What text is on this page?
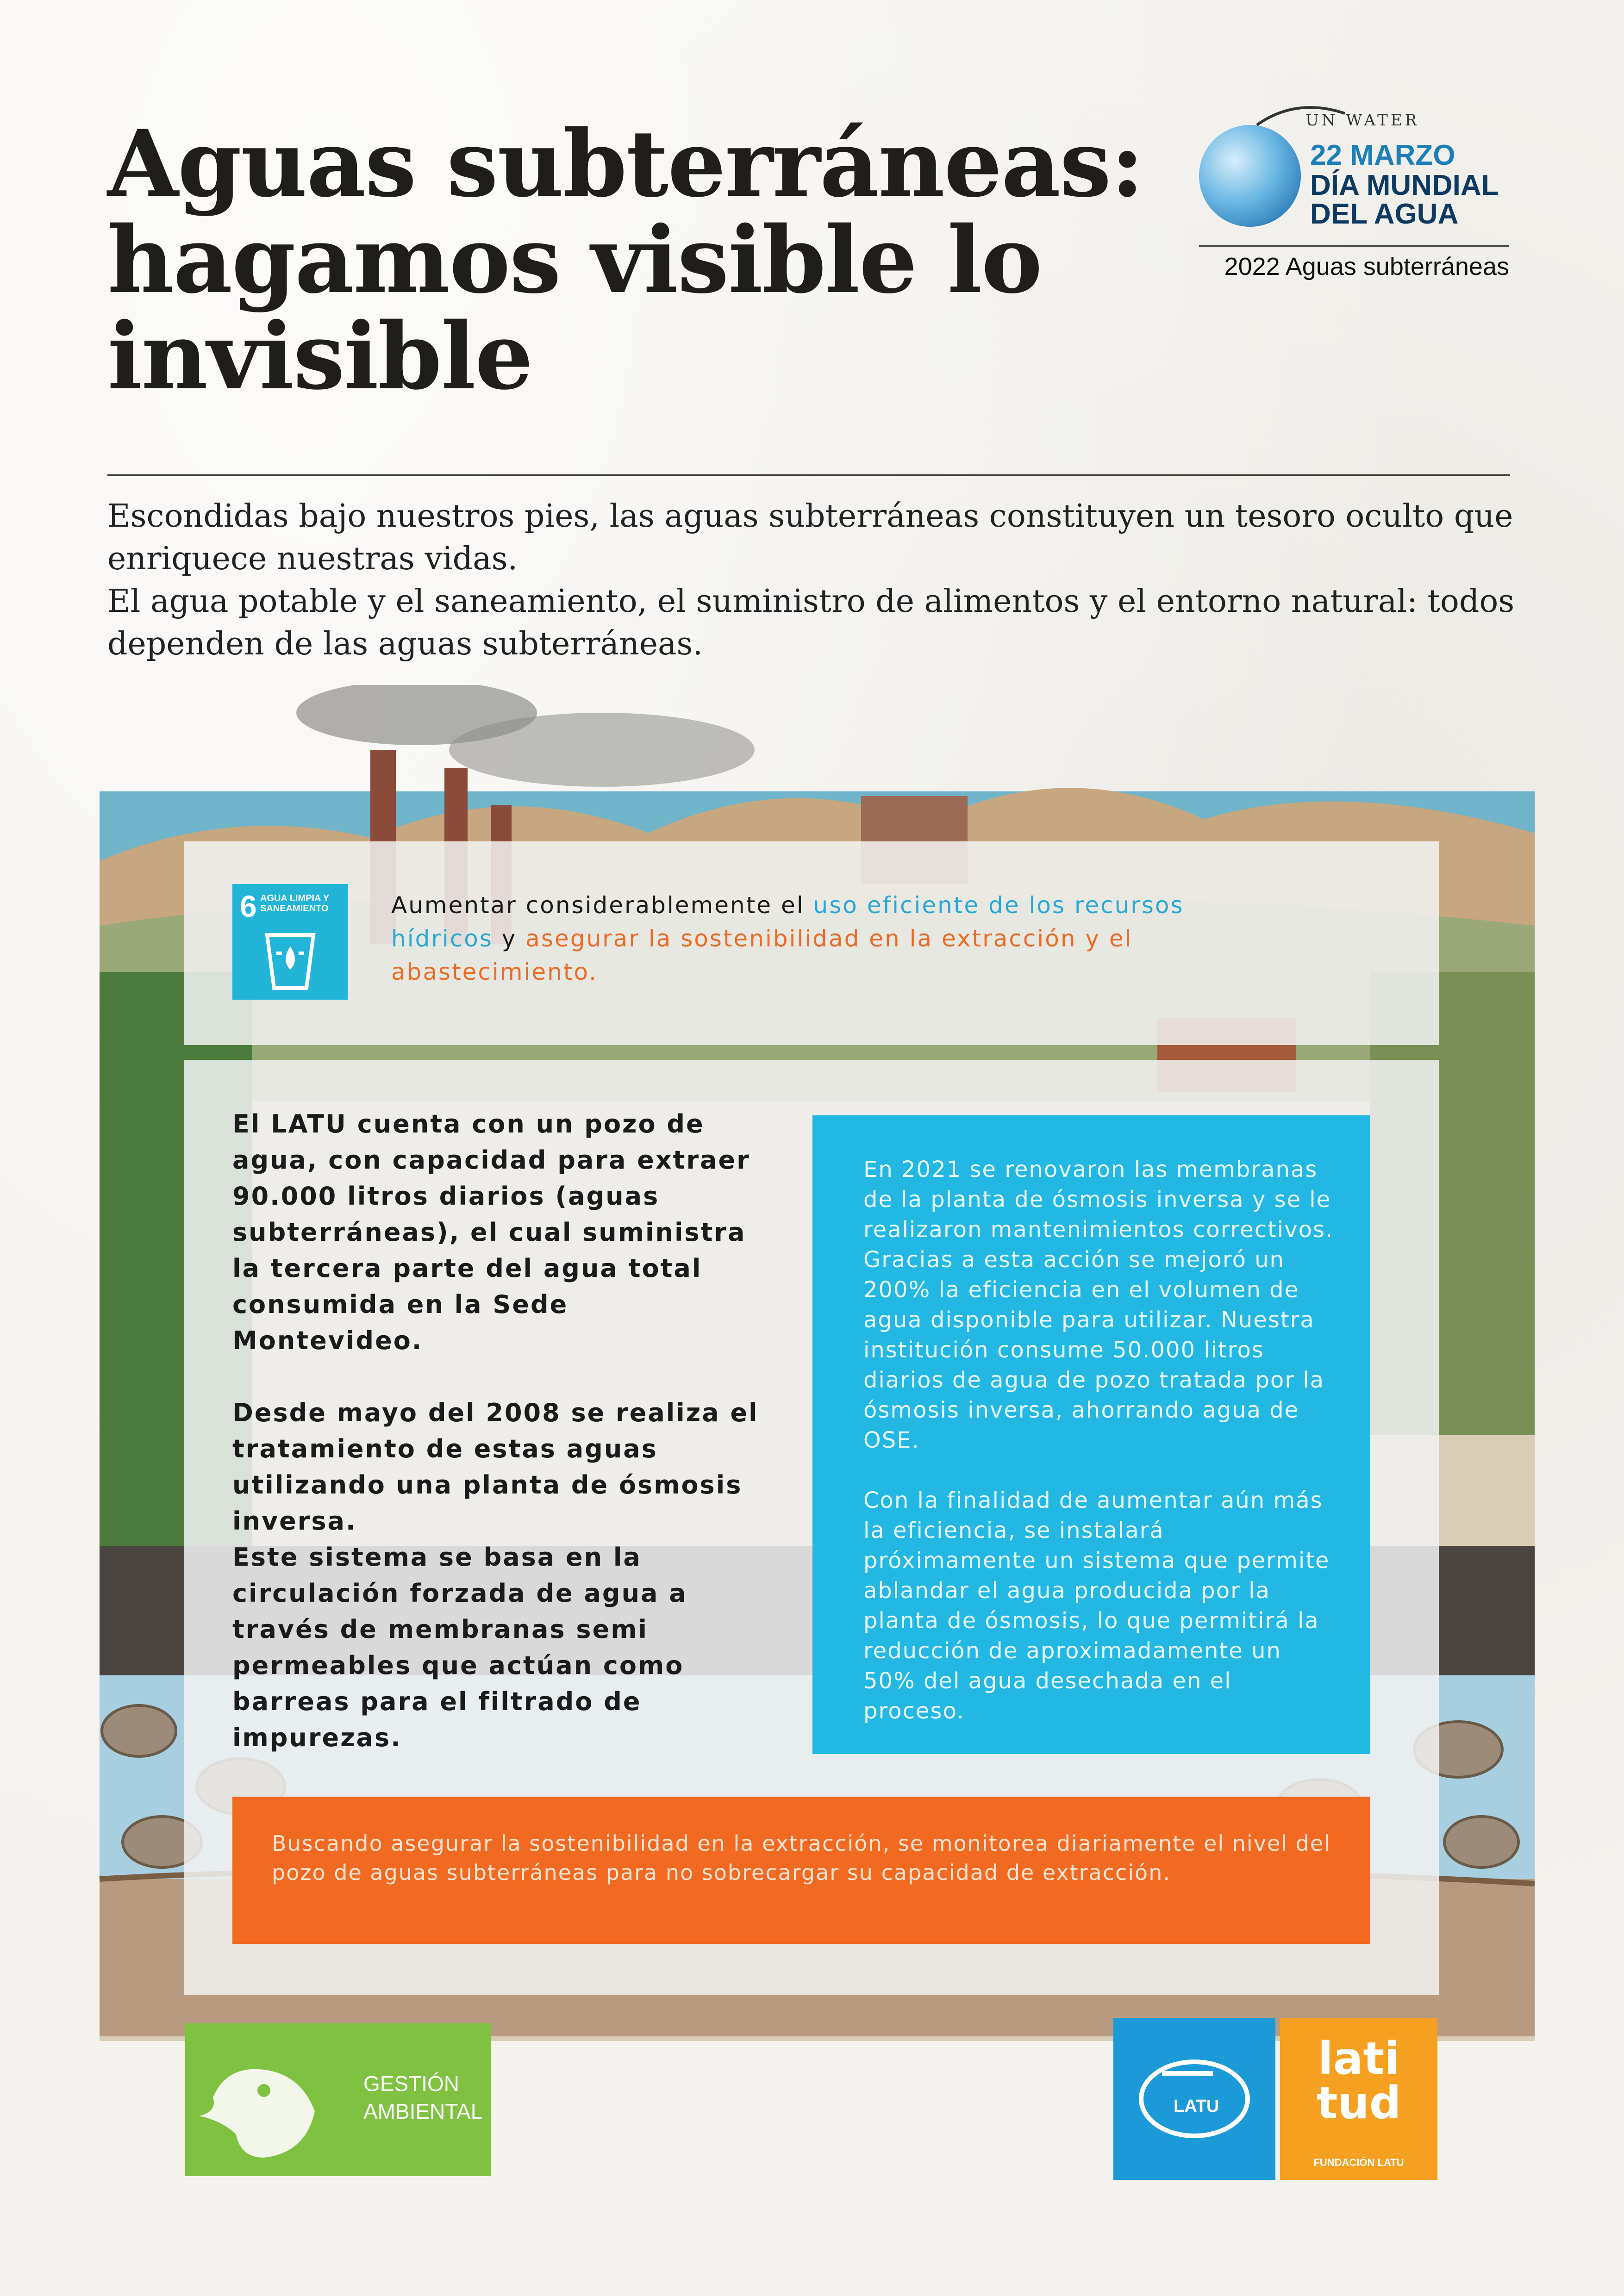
Aguas subterráneas:
hagamos visible lo
invisible
UN WATER
22 MARZO
DÍA MUNDIAL
DEL AGUA
2022 Aguas subterráneas

Escondidas bajo nuestros pies, las aguas subterráneas constituyen un tesoro oculto que enriquece nuestras vidas.

El agua potable y el saneamiento, el suministro de alimentos y el entorno natural: todos dependen de las aguas subterráneas.

6 AGUA LIMPIA Y SANEAMIENTO	Aumentar considerablemente el uso eficiente de los recursos hídricos y asegurar la sostenibilidad en la extracción y el abastecimiento.

El LATU cuenta con un pozo de agua, con capacidad para extraer 90.000 litros diarios (aguas subterráneas), el cual suministra la tercera parte del agua total consumida en la Sede Montevideo.

Desde mayo del 2008 se realiza el tratamiento de estas aguas utilizando una planta de ósmosis inversa.

Este sistema se basa en la circulación forzada de agua a través de membranas semi permeables que actúan como barreas para el filtrado de impurezas.

En 2021 se renovaron las membranas de la planta de ósmosis inversa y se le realizaron mantenimientos correctivos. Gracias a esta acción se mejoró un 200% la eficiencia en el volumen de agua disponible para utilizar. Nuestra institución consume 50.000 litros diarios de agua de pozo tratada por la ósmosis inversa, ahorrando agua de OSE.

Con la finalidad de aumentar aún más la eficiencia, se instalará próximamente un sistema que permite ablandar el agua producida por la planta de ósmosis, lo que permitirá la reducción de aproximadamente un 50% del agua desechada en el proceso.

Buscando asegurar la sostenibilidad en la extracción, se monitorea diariamente el nivel del pozo de aguas subterráneas para no sobrecargar su capacidad de extracción.
GESTIÓN
AMBIENTAL	LATU
lati tud
FUNDACIÓN LATU
